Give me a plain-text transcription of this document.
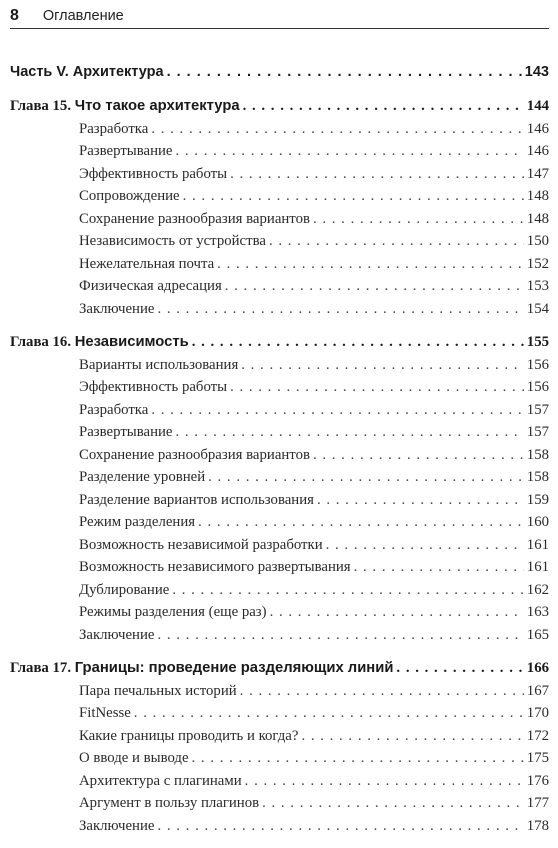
8 Оглавление
Часть V. Архитектура . . .	143
Глава 15. Что такое архитектура . . .	144
Разработка . . .	146
Развертывание . . .	146
Эффективность работы . . .	147
Сопровождение . . .	148
Сохранение разнообразия вариантов . . .	148
Независимость от устройства . . .	150
Нежелательная почта . . .	152
Физическая адресация . . .	153
Заключение . . .	154
Глава 16. Независимость . . .	155
Варианты использования . . .	156
Эффективность работы . . .	156
Разработка . . .	157
Развертывание . . .	157
Сохранение разнообразия вариантов . . .	158
Разделение уровней . . .	158
Разделение вариантов использования . . .	159
Режим разделения . . .	160
Возможность независимой разработки . . .	161
Возможность независимого развертывания . . .	161
Дублирование . . .	162
Режимы разделения (еще раз) . . .	163
Заключение . . .	165
Глава 17. Границы: проведение разделяющих линий . . .	166
Пара печальных историй . . .	167
FitNesse . . .	170
Какие границы проводить и когда? . . .	172
О вводе и выводе . . .	175
Архитектура с плагинами . . .	176
Аргумент в пользу плагинов . . .	177
Заключение . . .	178
